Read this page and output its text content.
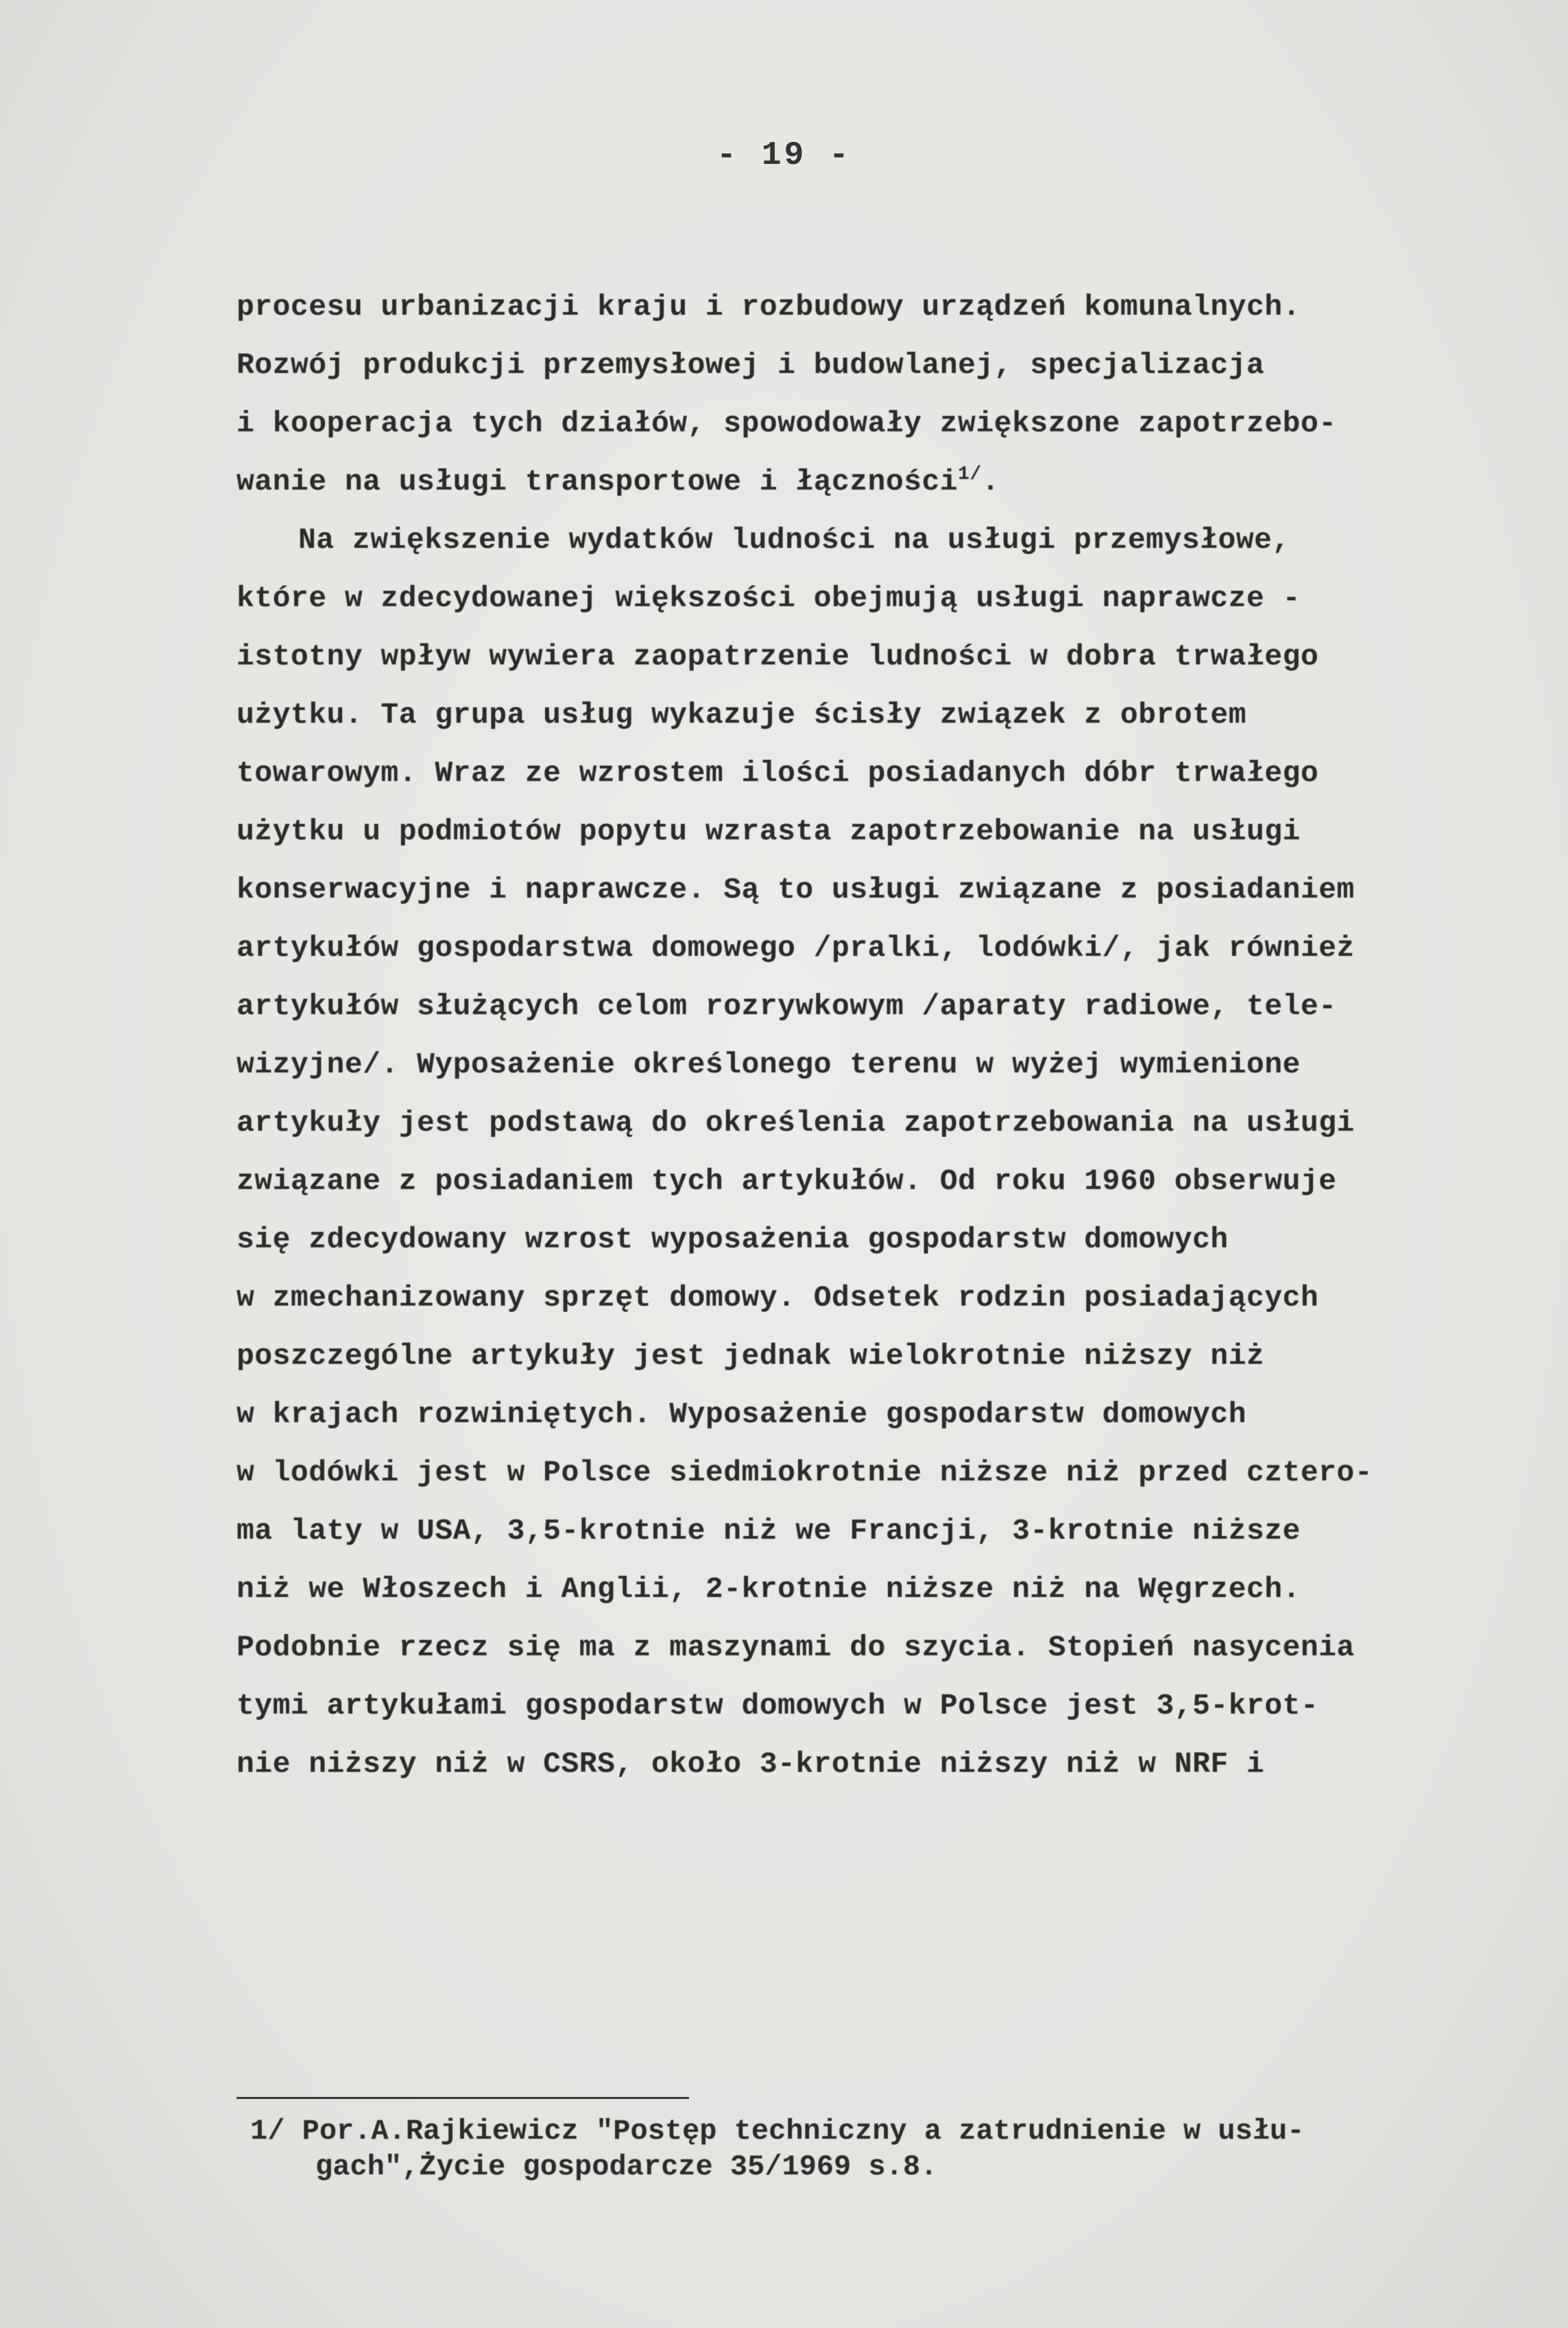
- 19 -
procesu urbanizacji kraju i rozbudowy urządzeń komunalnych.
Rozwój produkcji przemysłowej i budowlanej, specjalizacja
i kooperacja tych działów, spowodowały zwiększone zapotrzebo-
wanie na usługi transportowe i łączności$^{1/}$.
Na zwiększenie wydatków ludności na usługi przemysłowe,
które w zdecydowanej większości obejmują usługi naprawcze -
istotny wpływ wywiera zaopatrzenie ludności w dobra trwałego
użytku. Ta grupa usług wykazuje ścisły związek z obrotem
towarowym. Wraz ze wzrostem ilości posiadanych dóbr trwałego
użytku u podmiotów popytu wzrasta zapotrzebowanie na usługi
konserwacyjne i naprawcze. Są to usługi związane z posiadaniem
artykułów gospodarstwa domowego /pralki, lodówki/, jak również
artykułów służących celom rozrywkowym /aparaty radiowe, tele-
wizyjne/. Wyposażenie określonego terenu w wyżej wymienione
artykuły jest podstawą do określenia zapotrzebowania na usługi
związane z posiadaniem tych artykułów. Od roku 1960 obserwuje
się zdecydowany wzrost wyposażenia gospodarstw domowych
w zmechanizowany sprzęt domowy. Odsetek rodzin posiadających
poszczególne artykuły jest jednak wielokrotnie niższy niż
w krajach rozwiniętych. Wyposażenie gospodarstw domowych
w lodówki jest w Polsce siedmiokrotnie niższe niż przed cztero-
ma laty w USA, 3,5-krotnie niż we Francji, 3-krotnie niższe
niż we Włoszech i Anglii, 2-krotnie niższe niż na Węgrzech.
Podobnie rzecz się ma z maszynami do szycia. Stopień nasycenia
tymi artykułami gospodarstw domowych w Polsce jest 3,5-krot-
nie niższy niż w CSRS, około 3-krotnie niższy niż w NRF i
1/ Por.A.Rajkiewicz "Postęp techniczny a zatrudnienie w usłu-
gach",Życie gospodarcze 35/1969 s.8.
